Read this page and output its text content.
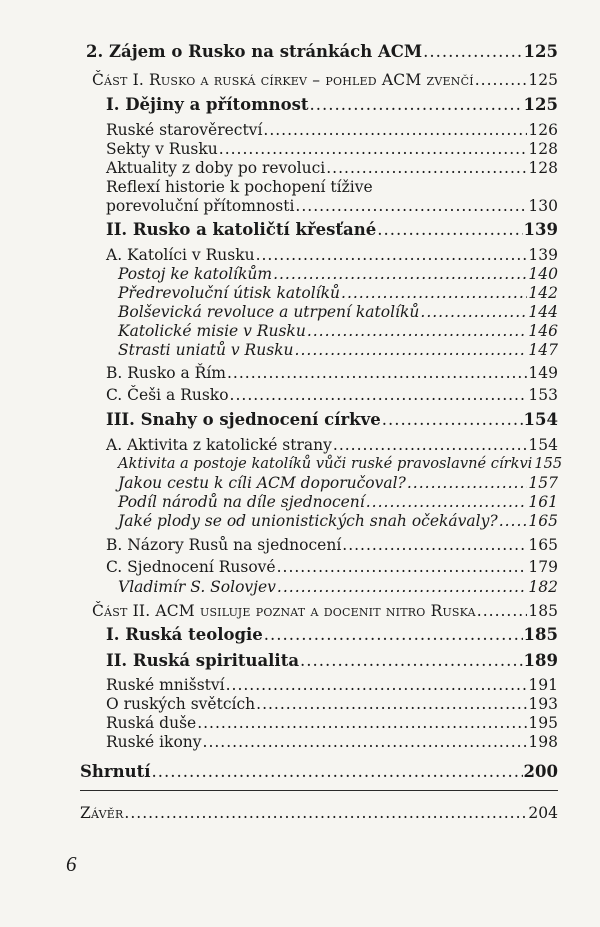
2. Zájem o Rusko na stránkách ACM .....	125
Část I. Rusko a ruská církev – pohled ACM zvenčí .....	125
I. Dějiny a přítomnost .....	125
Ruské starověrectví .....	126
Sekty v Rusku .....	128
Aktuality z doby po revoluci .....	128
Reflexí historie k pochopení tížive
porevoluční přítomnosti .....	130
II. Rusko a katoličtí křesťané .....	139
A. Katolíci v Rusku .....	139
Postoj ke katolíkům .....	140
Předrevoluční útisk katolíků .....	142
Bolševická revoluce a utrpení katolíků .....	144
Katolické misie v Rusku .....	146
Strasti uniatů v Rusku .....	147
B. Rusko a Řím .....	149
C. Češi a Rusko .....	153
III. Snahy o sjednocení církve .....	154
A. Aktivita z katolické strany .....	154
Aktivita a postoje katolíků vůči ruské pravoslavné církvi 155
Jakou cestu k cíli ACM doporučoval? .....	157
Podíl národů na díle sjednocení .....	161
Jaké plody se od unionistických snah očekávaly? ..... 165
B. Názory Rusů na sjednocení .....	165
C. Sjednocení Rusové .....	179
Vladimír S. Solovjev .....	182
Část II. ACM usiluje poznat a docenit nitro Ruska .....	185
I. Ruská teologie .....	185
II. Ruská spiritualita .....	189
Ruské mnišství .....	191
O ruských světcích .....	193
Ruská duše .....	195
Ruské ikony .....	198
Shrnutí .....	200
Závěr .....	204
6
